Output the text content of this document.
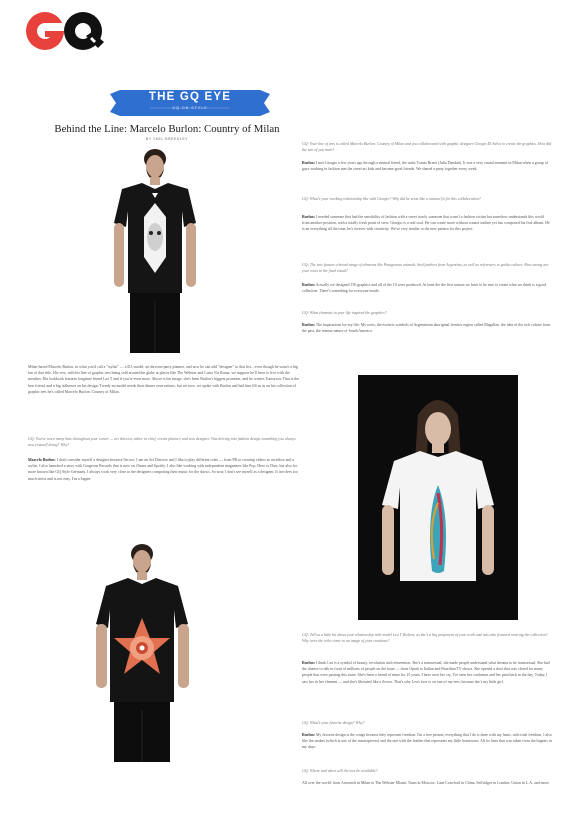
THE GQ EYE
GQ ON STYLE
Behind the Line: Marcelo Burlon: Country of Milan
BY YAEL BREEDLEY
Milan-based Marcelo Burlon, in what you'd call a "stylist" — a DJ, model, art director/party planner, and now he can add "designer" to that list... even though he wasn't a big fan of that title. His vest, with his line of graphic tees being sold around the globe at places like The Webster and Luisa Via Roma, we suppose he'll have to live with the moniker. His lookbook features longtime friend Lea T and if you're even more. Above is his image, she's been Burlon's biggest promoter, and he creates Tomorrow That is the best friend, and a big influence on his design. Trendy no model needs their dinner reservations, but we now, we spoke with Burlon and had him fill us in on his collection of graphic tees he's called Marcelo Burlon: Country of Milan.
GQ: You've worn many hats throughout your career — art director, editor in chief, events planner, and now designer. Was delving into fashion design something you always saw yourself doing? Why?
Marcelo Burlon: I don't consider myself a designer because I'm not. I am an Art Director and I like to play different roles — from PR to creating videos as an editor and a stylist. I also launched a story with Gorgeous Records that is now on iTunes and Spotify. I also like working with independent magazines like Pop, Hero or Dust, but also for more known like GQ Style Germany. I always work very close to the designers composing their music for the shows. So now, I don't see myself as a designer. It involves too much stress and is not easy. I'm a hippie.
GQ: Your line of tees is called Marcelo Burlon: Country of Milan and you collaborated with graphic designer Giorgio Di Salvo to create the graphics. How did the two of you meet?
Burlon: I met Giorgio a few years ago through a mutual friend, the artist Tomas Breen (Julia Dandan). It was a very casual moment in Milan when a group of guys working in fashion met the street art kids and became good friends. We shared a party together every week.
GQ: What's your working relationship like with Giorgio? Why did he seem like a natural fit for this collaboration?
Burlon: I needed someone that had the sensibility of fashion with a street touch; someone that wasn't a fashion victim but somehow understands this world from another position, with a totally fresh point of view. Giorgio is a real soul. He can create more without a mass outline yet has composed his first album. He is an everything all the time, he's forever with creativity. We've very similar to the new pattern for this project.
GQ: The tees feature a broad range of elements like Patagonian animals, bird feathers from Argentina, as well as references to gothic culture. How strong are your roots in the final visual?
Burlon: Actually we designed 150 graphics and all of the 10 were produced. At least the the first season we have to be true to create what we think is a good collection. There's something for everyone inside.
GQ: What elements in your life inspired the graphics?
Burlon: The inspirations for my life: My roots, the esoteric symbols of Argentinean aboriginal frontier region called Magallan, the idea of the rich culture from the past, the intense nature of South America.
GQ: Tell us a little bit about your relationship with model Lea T Kiebert, as she's a big proponent of your work and was also featured wearing the collection? Why were the roles come to an image of your creations?
Burlon: I think Lea is a symbol of beauty, revolution and reinvention. She's a transsexual, she made people understand what dreams to be transsexual. She had the chance to talk in front of millions of people on the issue — from Oprah to Italian and Brazilian TV shows. She opened a door that was closed for many people that were passing this issue. She's been a friend of mine for 15 years. I have seen her cry, I've seen her confusion and her pain back in the day. Today, I saw her in her element — and she's liberated like a flower. That's why Lea's face is on one of my tees, because she's my little girl.
GQ: What's your favorite design? Why?
Burlon: My favorite design is the wings because they represent freedom. I'm a free person; everything that I do is done with my heart, with total freedom. I also like the snakes (which is one of the masterpieces) and the one with the feather that represents my little hometown. All its lines that was taken from the hippies in my days.
GQ: Where and when will the tees be available?
All over the world: from Antonioli in Milan to The Webster Miami, Tsum in Moscow, Lane Crawford in China, Selfridges in London, Union in L.A. and more.
